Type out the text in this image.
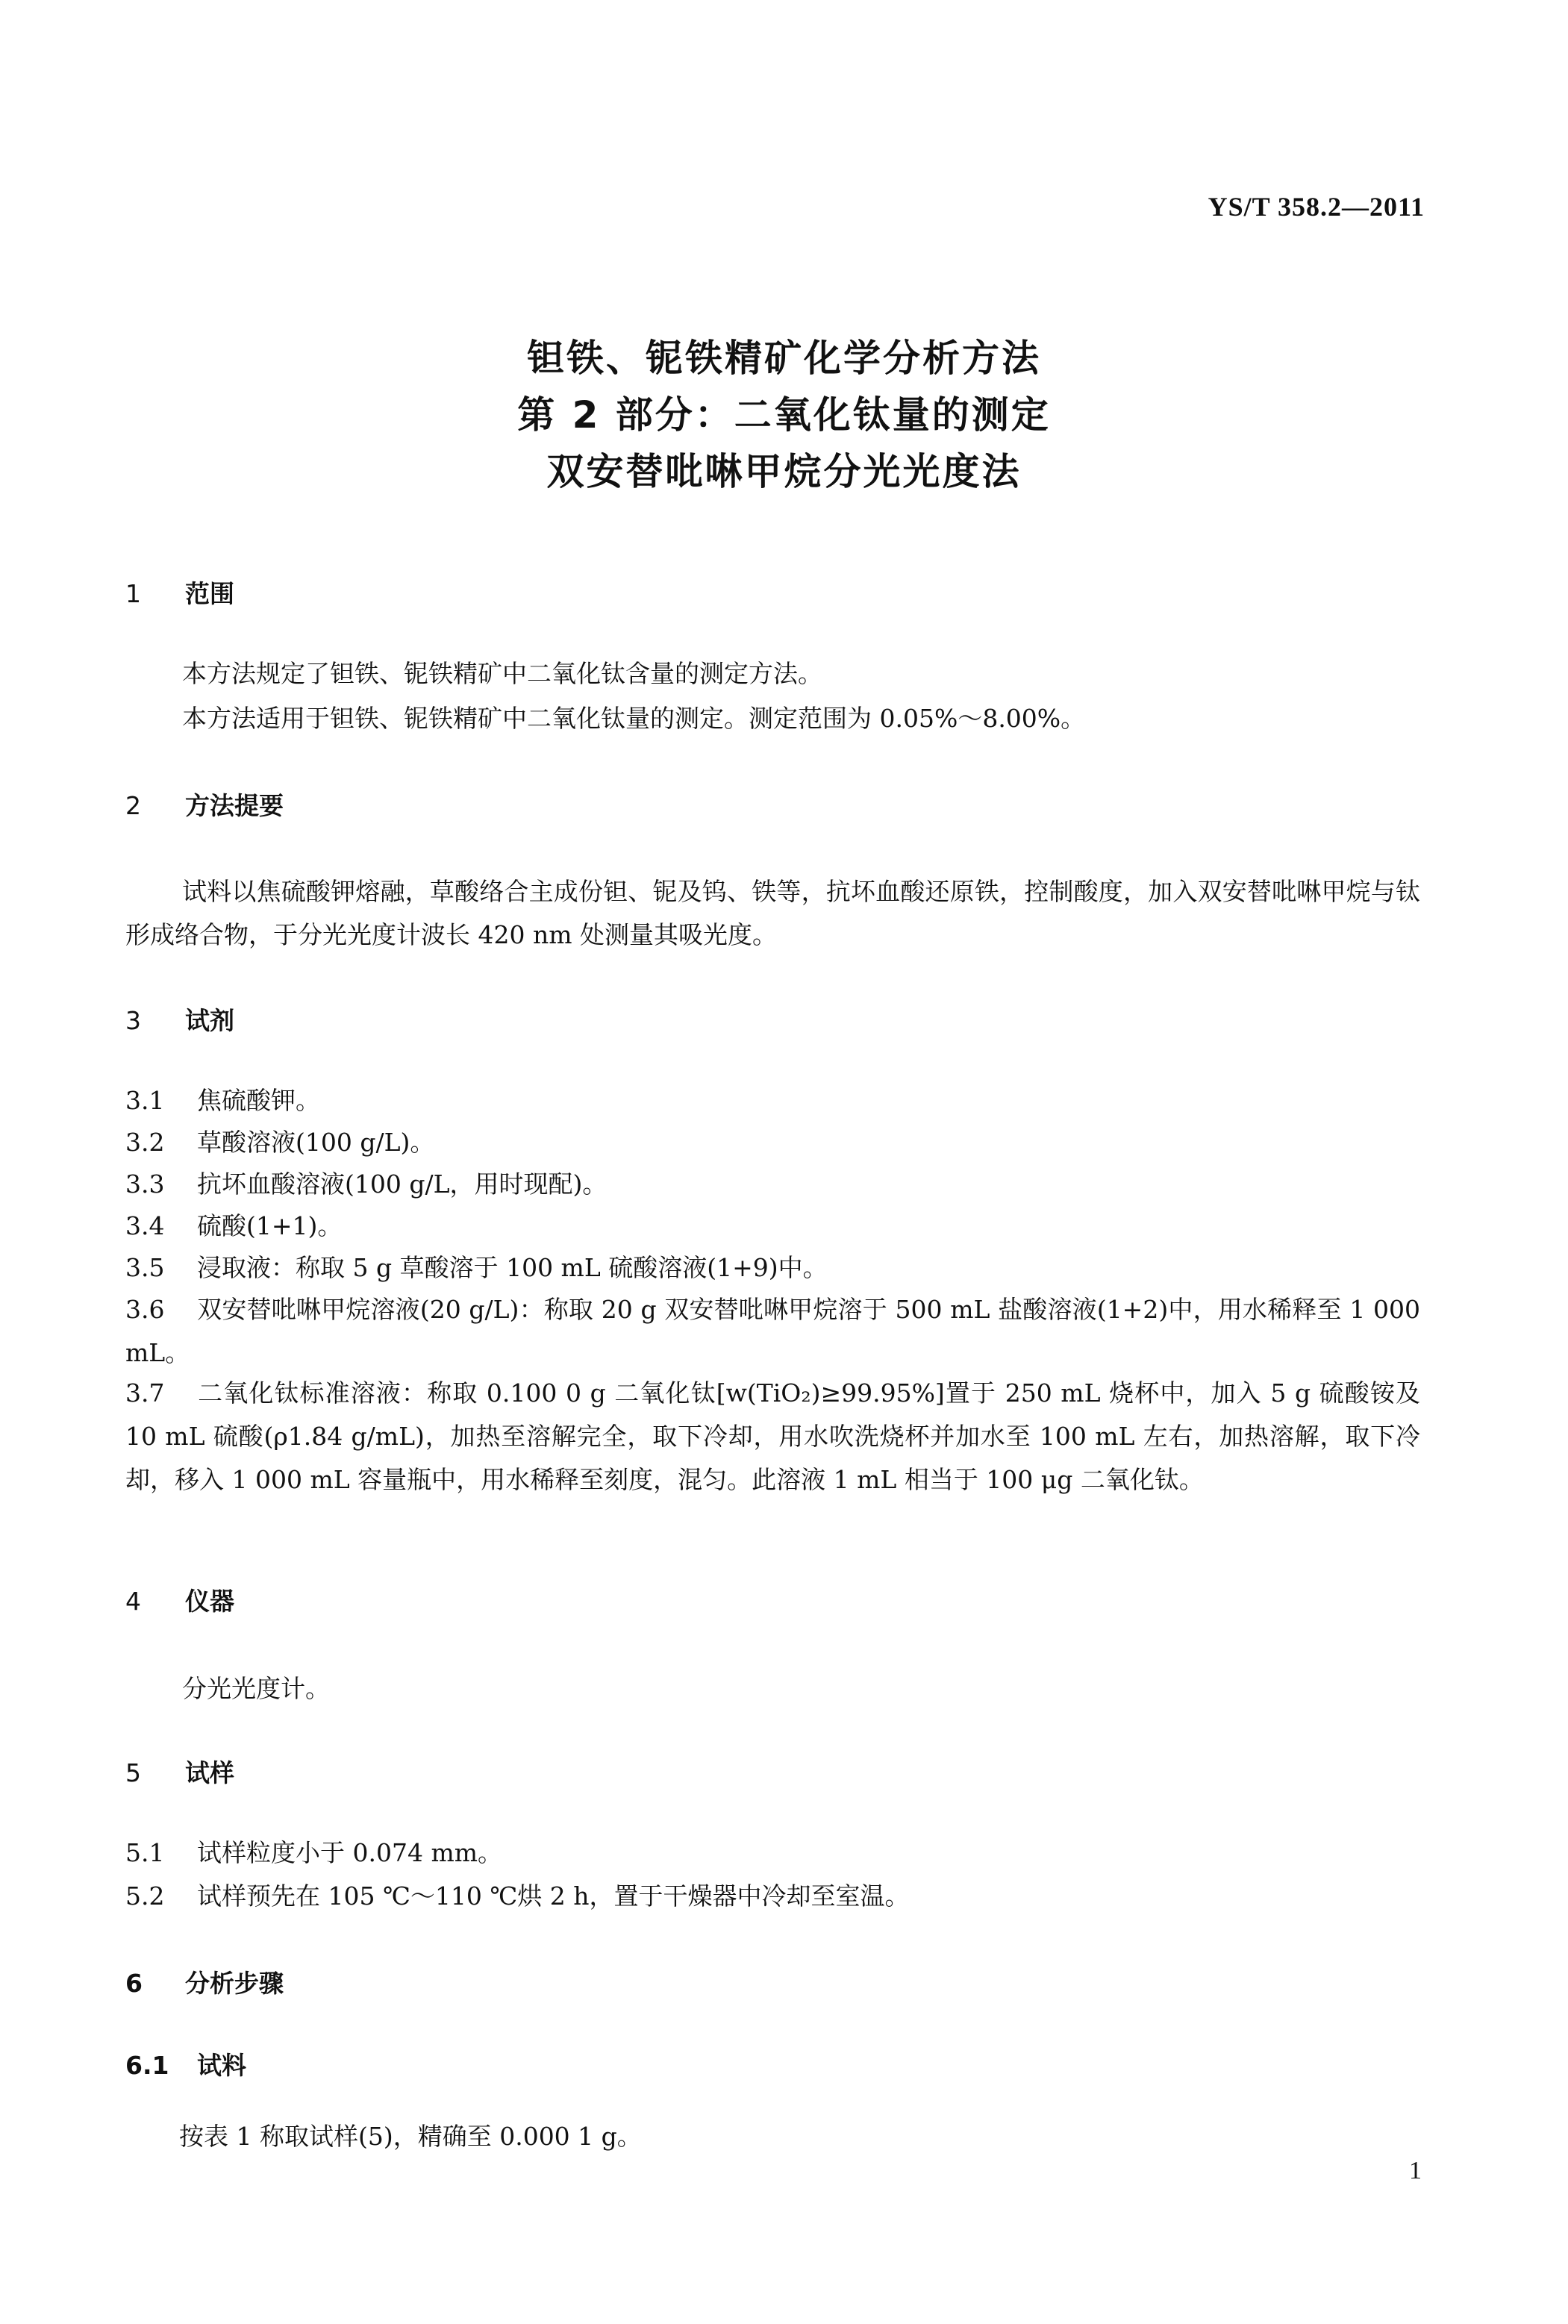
YS/T 358.2—2011
钽铁、铌铁精矿化学分析方法
第 2 部分：二氧化钛量的测定
双安替吡啉甲烷分光光度法
1 范围
本方法规定了钽铁、铌铁精矿中二氧化钛含量的测定方法。
本方法适用于钽铁、铌铁精矿中二氧化钛量的测定。测定范围为 0.05%～8.00%。
2 方法提要
试料以焦硫酸钾熔融，草酸络合主成份钽、铌及钨、铁等，抗坏血酸还原铁，控制酸度，加入双安替吡啉甲烷与钛形成络合物，于分光光度计波长 420 nm 处测量其吸光度。
3 试剂
3.1 焦硫酸钾。
3.2 草酸溶液(100 g/L)。
3.3 抗坏血酸溶液(100 g/L，用时现配)。
3.4 硫酸(1+1)。
3.5 浸取液：称取 5 g 草酸溶于 100 mL 硫酸溶液(1+9)中。
3.6 双安替吡啉甲烷溶液(20 g/L)：称取 20 g 双安替吡啉甲烷溶于 500 mL 盐酸溶液(1+2)中，用水稀释至 1 000 mL。
3.7 二氧化钛标准溶液：称取 0.100 0 g 二氧化钛[w(TiO₂)≥99.95%]置于 250 mL 烧杯中，加入 5 g 硫酸铵及 10 mL 硫酸(ρ1.84 g/mL)，加热至溶解完全，取下冷却，用水吹洗烧杯并加水至 100 mL 左右，加热溶解，取下冷却，移入 1 000 mL 容量瓶中，用水稀释至刻度，混匀。此溶液 1 mL 相当于 100 μg 二氧化钛。
4 仪器
分光光度计。
5 试样
5.1 试样粒度小于 0.074 mm。
5.2 试样预先在 105 ℃～110 ℃烘 2 h，置于干燥器中冷却至室温。
6 分析步骤
6.1 试料
按表 1 称取试样(5)，精确至 0.000 1 g。
1
